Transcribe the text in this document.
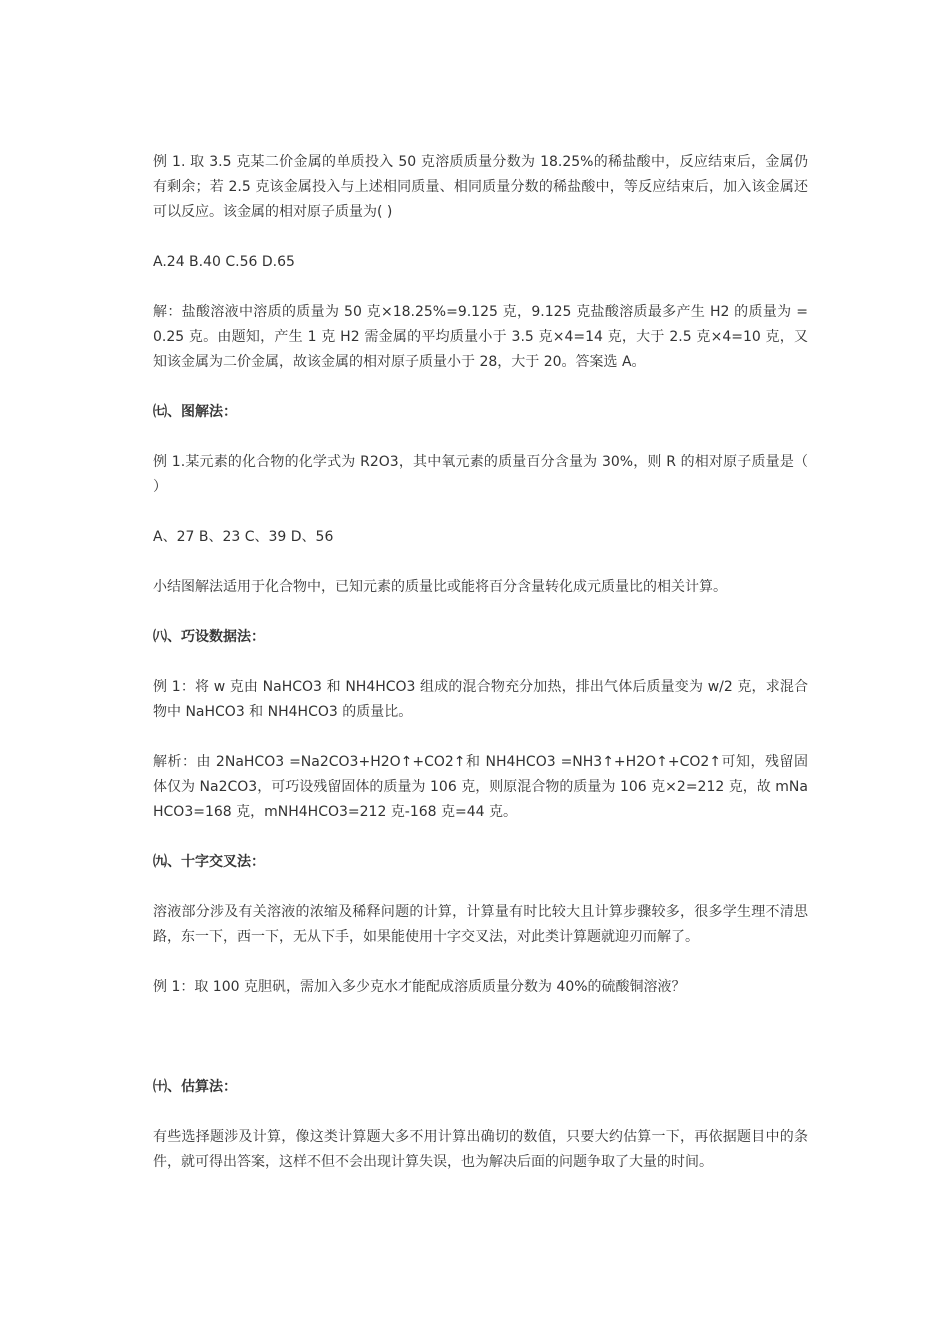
例 1. 取 3.5 克某二价金属的单质投入 50 克溶质质量分数为 18.25%的稀盐酸中，反应结束后，金属仍有剩余；若 2.5 克该金属投入与上述相同质量、相同质量分数的稀盐酸中，等反应结束后，加入该金属还可以反应。该金属的相对原子质量为( )

A.24 B.40 C.56 D.65

解：盐酸溶液中溶质的质量为 50 克×18.25%=9.125 克，9.125 克盐酸溶质最多产生 H2 的质量为 =0.25 克。由题知，产生 1 克 H2 需金属的平均质量小于 3.5 克×4=14 克，大于 2.5 克×4=10 克，又知该金属为二价金属，故该金属的相对原子质量小于 28，大于 20。答案选 A。

㈦、图解法：

例 1.某元素的化合物的化学式为 R2O3，其中氧元素的质量百分含量为 30%，则 R 的相对原子质量是（ ）

A、27 B、23 C、39 D、56

小结图解法适用于化合物中，已知元素的质量比或能将百分含量转化成元质量比的相关计算。

㈧、巧设数据法：

例 1：将 w 克由 NaHCO3 和 NH4HCO3 组成的混合物充分加热，排出气体后质量变为 w/2 克，求混合物中 NaHCO3 和 NH4HCO3 的质量比。

解析：由 2NaHCO3 =Na2CO3+H2O↑+CO2↑和 NH4HCO3 =NH3↑+H2O↑+CO2↑可知，残留固体仅为 Na2CO3，可巧设残留固体的质量为 106 克，则原混合物的质量为 106 克×2=212 克，故 mNaHCO3=168 克，mNH4HCO3=212 克-168 克=44 克。

㈨、十字交叉法：

溶液部分涉及有关溶液的浓缩及稀释问题的计算，计算量有时比较大且计算步骤较多，很多学生理不清思路，东一下，西一下，无从下手，如果能使用十字交叉法，对此类计算题就迎刃而解了。

例 1：取 100 克胆矾，需加入多少克水才能配成溶质质量分数为 40%的硫酸铜溶液？

㈩、估算法：

有些选择题涉及计算，像这类计算题大多不用计算出确切的数值，只要大约估算一下，再依据题目中的条件，就可得出答案，这样不但不会出现计算失误，也为解决后面的问题争取了大量的时间。
